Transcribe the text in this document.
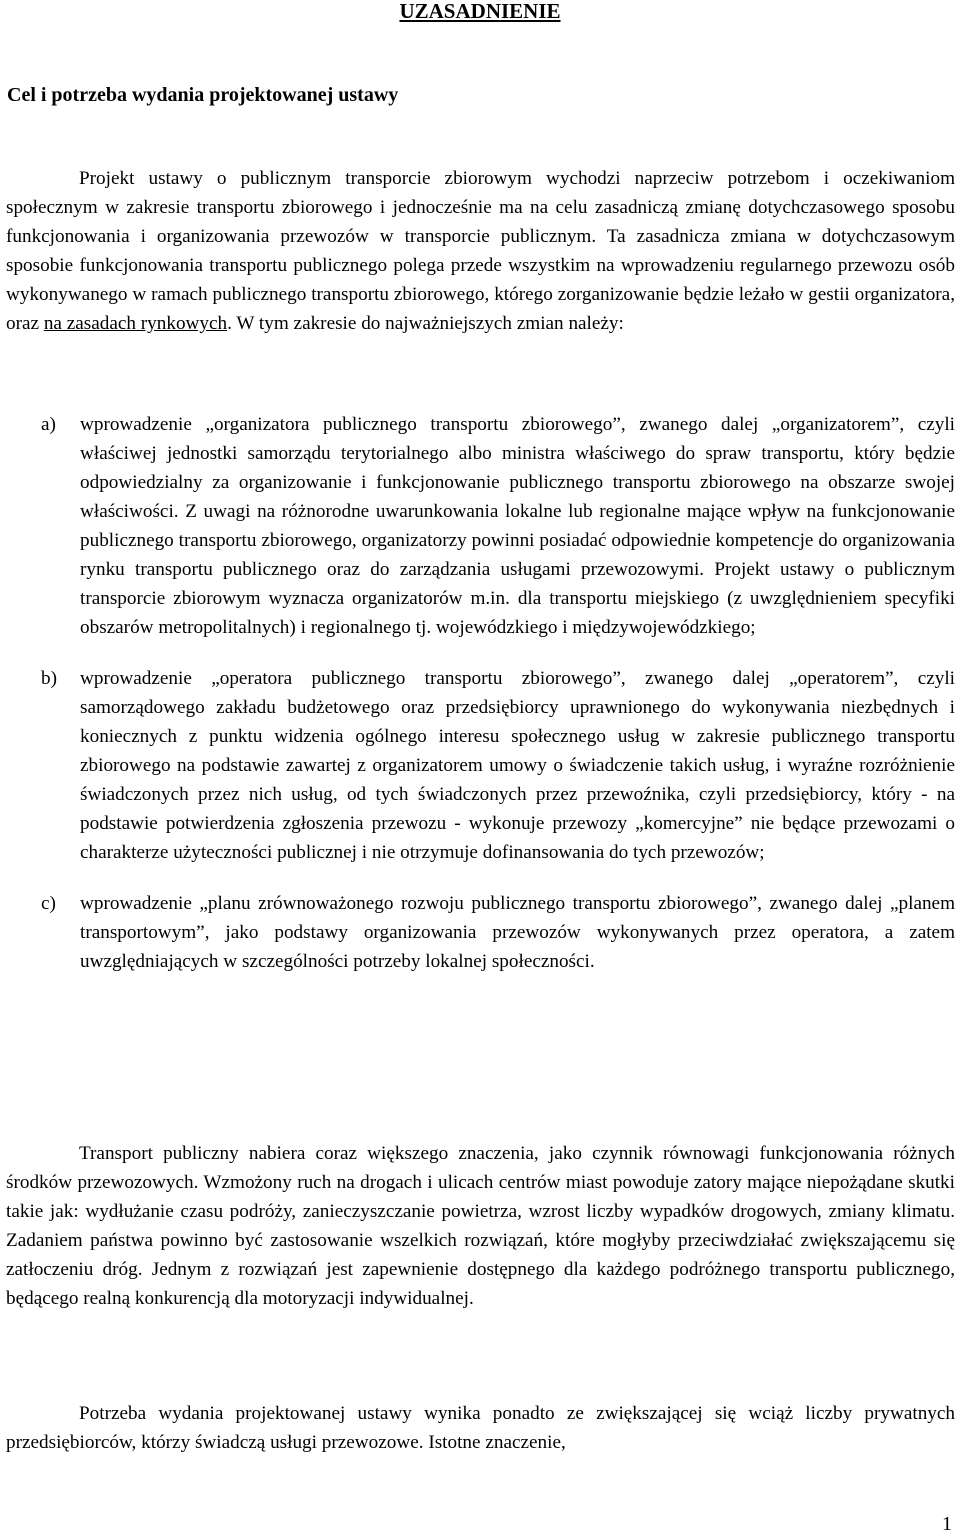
UZASADNIENIE
Cel i potrzeba wydania projektowanej ustawy

Projekt ustawy o publicznym transporcie zbiorowym wychodzi naprzeciw potrzebom i oczekiwaniom społecznym w zakresie transportu zbiorowego i jednocześnie ma na celu zasadniczą zmianę dotychczasowego sposobu funkcjonowania i organizowania przewozów w transporcie publicznym. Ta zasadnicza zmiana w dotychczasowym sposobie funkcjonowania transportu publicznego polega przede wszystkim na wprowadzeniu regularnego przewozu osób wykonywanego w ramach publicznego transportu zbiorowego, którego zorganizowanie będzie leżało w gestii organizatora, oraz na zasadach rynkowych. W tym zakresie do najważniejszych zmian należy:

a) wprowadzenie „organizatora publicznego transportu zbiorowego”, zwanego dalej „organizatorem”, czyli właściwej jednostki samorządu terytorialnego albo ministra właściwego do spraw transportu, który będzie odpowiedzialny za organizowanie i funkcjonowanie publicznego transportu zbiorowego na obszarze swojej właściwości. Z uwagi na różnorodne uwarunkowania lokalne lub regionalne mające wpływ na funkcjonowanie publicznego transportu zbiorowego, organizatorzy powinni posiadać odpowiednie kompetencje do organizowania rynku transportu publicznego oraz do zarządzania usługami przewozowymi. Projekt ustawy o publicznym transporcie zbiorowym wyznacza organizatorów m.in. dla transportu miejskiego (z uwzględnieniem specyfiki obszarów metropolitalnych) i regionalnego tj. wojewódzkiego i międzywojewódzkiego;
b) wprowadzenie „operatora publicznego transportu zbiorowego”, zwanego dalej „operatorem”, czyli samorządowego zakładu budżetowego oraz przedsiębiorcy uprawnionego do wykonywania niezbędnych i koniecznych z punktu widzenia ogólnego interesu społecznego usług w zakresie publicznego transportu zbiorowego na podstawie zawartej z organizatorem umowy o świadczenie takich usług, i wyraźne rozróżnienie świadczonych przez nich usług, od tych świadczonych przez przewoźnika, czyli przedsiębiorcy, który - na podstawie potwierdzenia zgłoszenia przewozu - wykonuje przewozy „komercyjne” nie będące przewozami o charakterze użyteczności publicznej i nie otrzymuje dofinansowania do tych przewozów;
c) wprowadzenie „planu zrównoważonego rozwoju publicznego transportu zbiorowego”, zwanego dalej „planem transportowym”, jako podstawy organizowania przewozów wykonywanych przez operatora, a zatem uwzględniających w szczególności potrzeby lokalnej społeczności.

Transport publiczny nabiera coraz większego znaczenia, jako czynnik równowagi funkcjonowania różnych środków przewozowych. Wzmożony ruch na drogach i ulicach centrów miast powoduje zatory mające niepożądane skutki takie jak: wydłużanie czasu podróży, zanieczyszczanie powietrza, wzrost liczby wypadków drogowych, zmiany klimatu. Zadaniem państwa powinno być zastosowanie wszelkich rozwiązań, które mogłyby przeciwdziałać zwiększającemu się zatłoczeniu dróg. Jednym z rozwiązań jest zapewnienie dostępnego dla każdego podróżnego transportu publicznego, będącego realną konkurencją dla motoryzacji indywidualnej.

Potrzeba wydania projektowanej ustawy wynika ponadto ze zwiększającej się wciąż liczby prywatnych przedsiębiorców, którzy świadczą usługi przewozowe. Istotne znaczenie,

1
